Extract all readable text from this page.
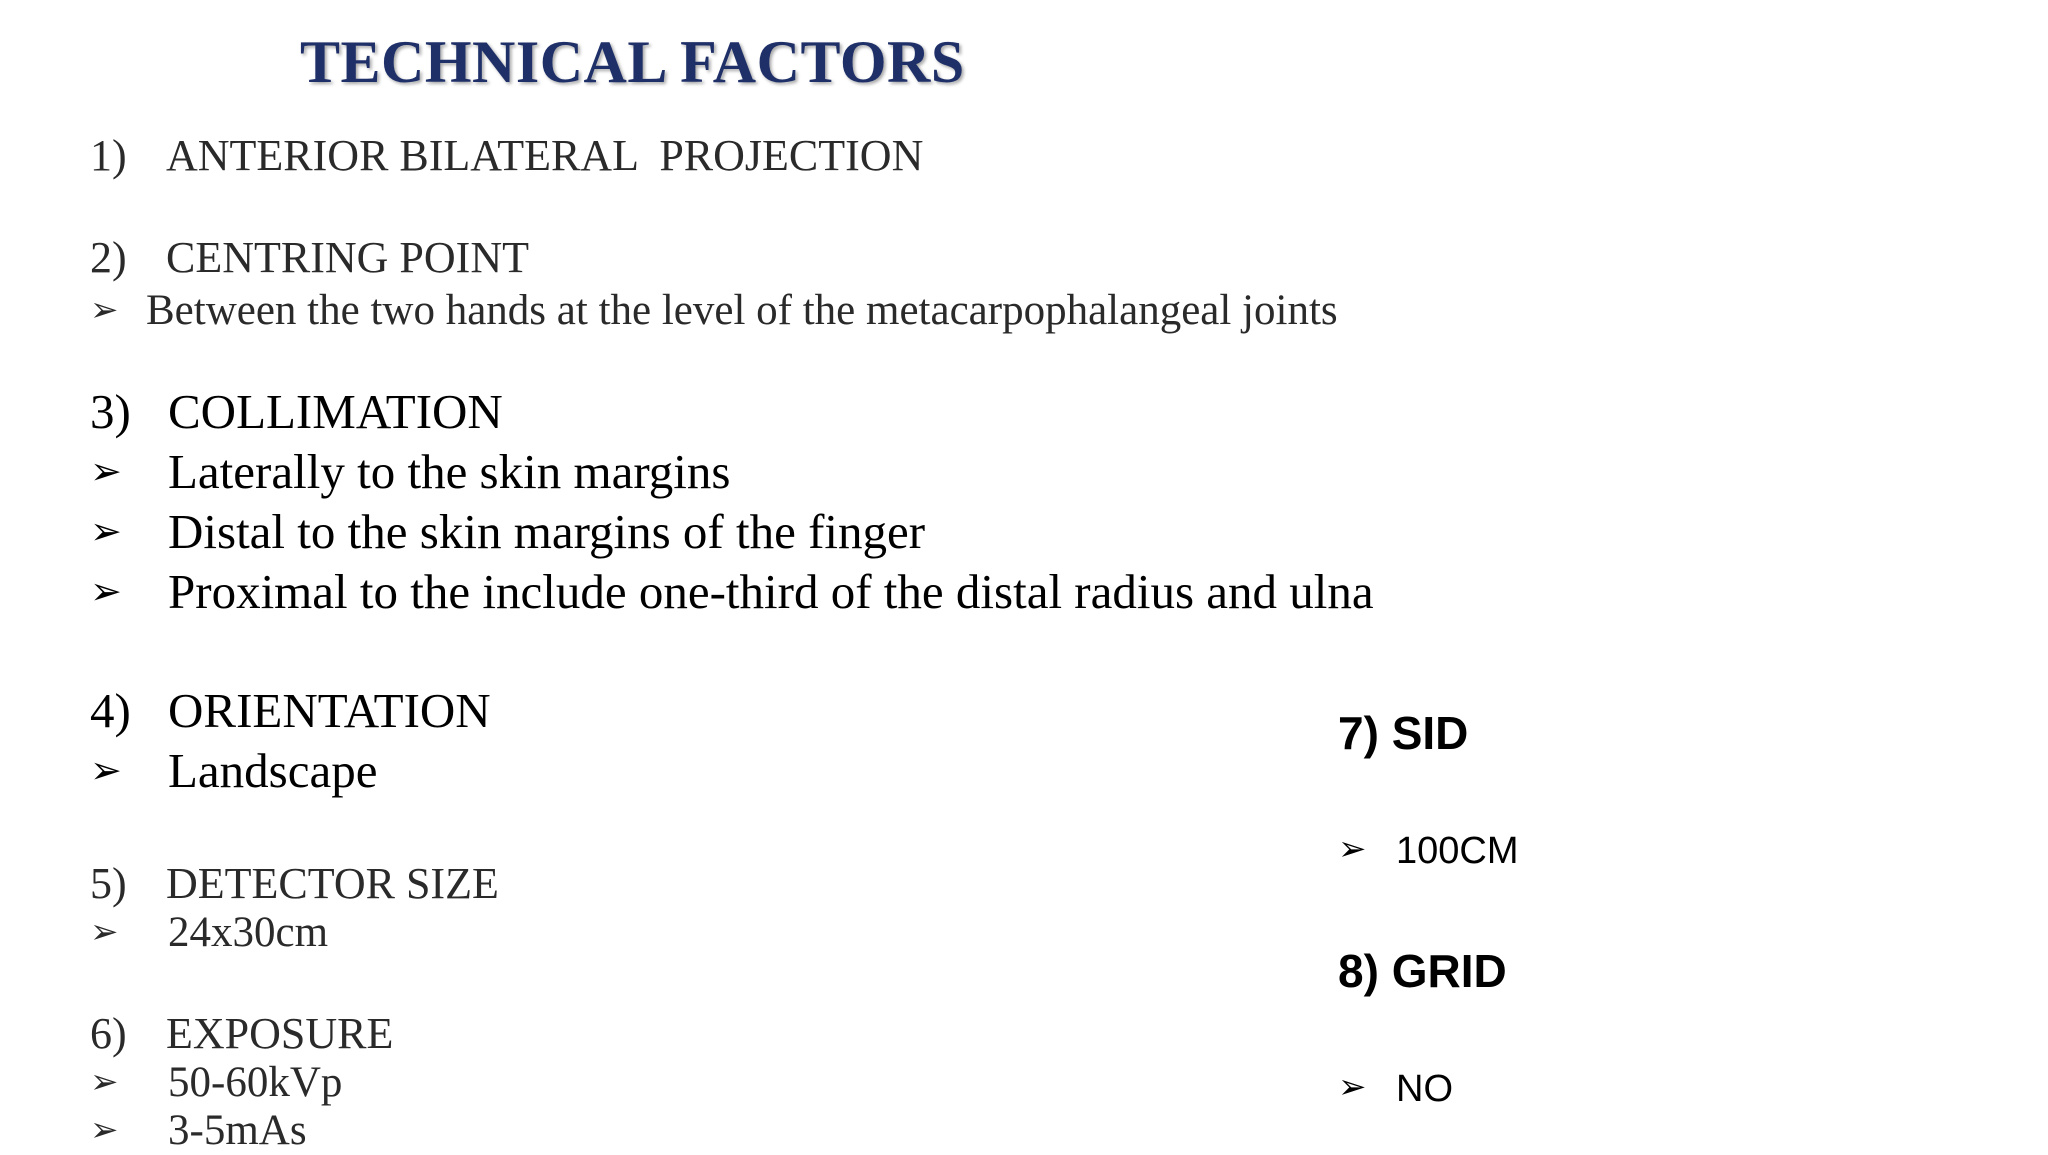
TECHNICAL FACTORS
1) ANTERIOR BILATERAL  PROJECTION
2) CENTRING POINT
➢ Between the two hands at the level of the metacarpophalangeal joints
3) COLLIMATION
➢ Laterally to the skin margins
➢ Distal to the skin margins of the finger
➢ Proximal to the include one-third of the distal radius and ulna
4) ORIENTATION
➢ Landscape
5) DETECTOR SIZE
➢ 24x30cm
6) EXPOSURE
➢ 50-60kVp
➢ 3-5mAs
7) SID
➢ 100CM
8) GRID
➢ NO
